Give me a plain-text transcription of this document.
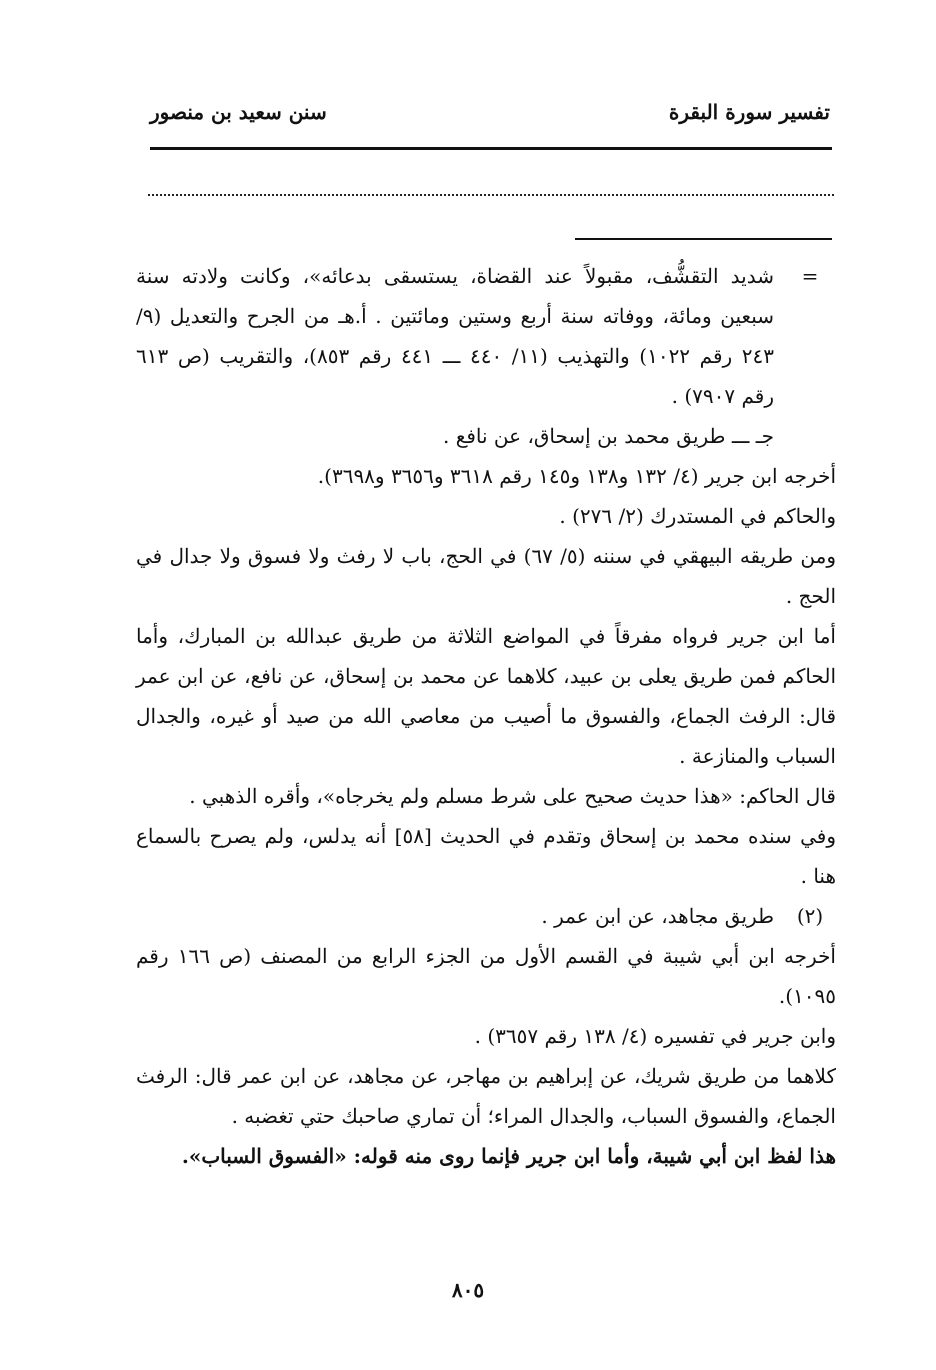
تفسير سورة البقرة
سنن سعيد بن منصور

=
شديد التقشُّف، مقبولاً عند القضاة، يستسقى بدعائه»، وكانت ولادته سنة سبعين ومائة، ووفاته سنة أربع وستين ومائتين . أ.هـ من الجرح والتعديل (٩/ ٢٤٣ رقم ١٠٢٢) والتهذيب (١١/ ٤٤٠ ـــ ٤٤١ رقم ٨٥٣)، والتقريب (ص ٦١٣ رقم ٧٩٠٧) .

جـ ـــ طريق محمد بن إسحاق، عن نافع .

أخرجه ابن جرير (٤/ ١٣٢ و١٣٨ و١٤٥ رقم ٣٦١٨ و٣٦٥٦ و٣٦٩٨).

والحاكم في المستدرك (٢/ ٢٧٦) .

ومن طريقه البيهقي في سننه (٥/ ٦٧) في الحج، باب لا رفث ولا فسوق ولا جدال في الحج .

أما ابن جرير فرواه مفرقاً في المواضع الثلاثة من طريق عبدالله بن المبارك، وأما الحاكم فمن طريق يعلى بن عبيد، كلاهما عن محمد بن إسحاق، عن نافع، عن ابن عمر قال: الرفث الجماع، والفسوق ما أصيب من معاصي الله من صيد أو غيره، والجدال السباب والمنازعة .

قال الحاكم: «هذا حديث صحيح على شرط مسلم ولم يخرجاه»، وأقره الذهبي .

وفي سنده محمد بن إسحاق وتقدم في الحديث [٥٨] أنه يدلس، ولم يصرح بالسماع هنا .

(٢)
طريق مجاهد، عن ابن عمر .

أخرجه ابن أبي شيبة في القسم الأول من الجزء الرابع من المصنف (ص ١٦٦ رقم ١٠٩٥).

وابن جرير في تفسيره (٤/ ١٣٨ رقم ٣٦٥٧) .

كلاهما من طريق شريك، عن إبراهيم بن مهاجر، عن مجاهد، عن ابن عمر قال: الرفث الجماع، والفسوق السباب، والجدال المراء؛ أن تماري صاحبك حتي تغضبه .

هذا لفظ ابن أبي شيبة، وأما ابن جرير فإنما روى منه قوله: «الفسوق السباب».

٨٠٥
